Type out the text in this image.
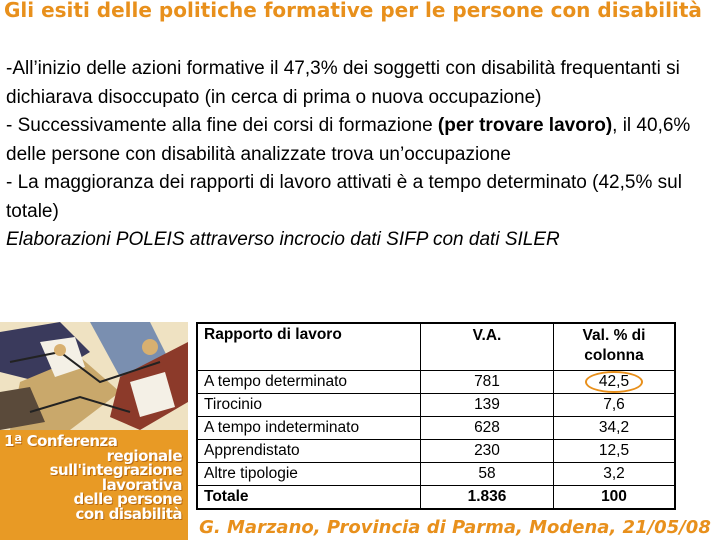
Gli esiti delle politiche formative per le persone con disabilità

-All’inizio delle azioni formative il 47,3% dei soggetti con disabilità frequentanti si dichiarava disoccupato (in cerca di prima o nuova occupazione)

- Successivamente alla fine dei corsi di formazione (per trovare lavoro), il 40,6% delle persone con disabilità analizzate trova un’occupazione

- La maggioranza dei rapporti di lavoro attivati è a tempo determinato (42,5% sul totale)

Elaborazioni POLEIS attraverso incrocio dati SIFP con dati SILER

1ª Conferenza
regionale
sull'integrazione
lavorativa
delle persone
con disabilità
Rapporto di lavoro	V.A.	Val. % di colonna
A tempo determinato	781	42,5
Tirocinio	139	7,6
A tempo indeterminato	628	34,2
Apprendistato	230	12,5
Altre tipologie	58	3,2
Totale	1.836	100
G. Marzano, Provincia di Parma, Modena, 21/05/08
